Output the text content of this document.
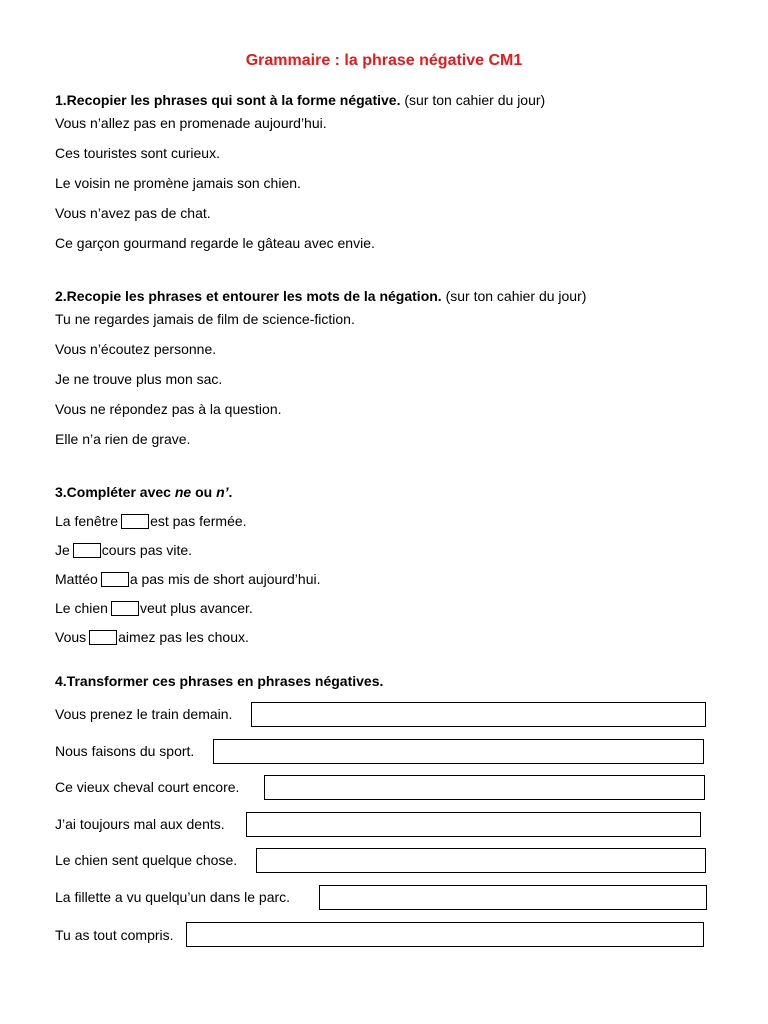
Grammaire : la phrase négative CM1
1.Recopier les phrases qui sont à la forme négative. (sur ton cahier du jour)
Vous n’allez pas en promenade aujourd’hui.
Ces touristes sont curieux.
Le voisin ne promène jamais son chien.
Vous n’avez pas de chat.
Ce garçon gourmand regarde le gâteau avec envie.
2.Recopie les phrases et entourer les mots de la négation. (sur ton cahier du jour)
Tu ne regardes jamais de film de science-fiction.
Vous n’écoutez personne.
Je ne trouve plus mon sac.
Vous ne répondez pas à la question.
Elle n’a rien de grave.
3.Compléter avec ne ou n’.
La fenêtre est pas fermée.
Je cours pas vite.
Mattéo a pas mis de short aujourd’hui.
Le chien veut plus avancer.
Vous aimez pas les choux.
4.Transformer ces phrases en phrases négatives.
Vous prenez le train demain.
Nous faisons du sport.
Ce vieux cheval court encore.
J’ai toujours mal aux dents.
Le chien sent quelque chose.
La fillette a vu quelqu’un dans le parc.
Tu as tout compris.
